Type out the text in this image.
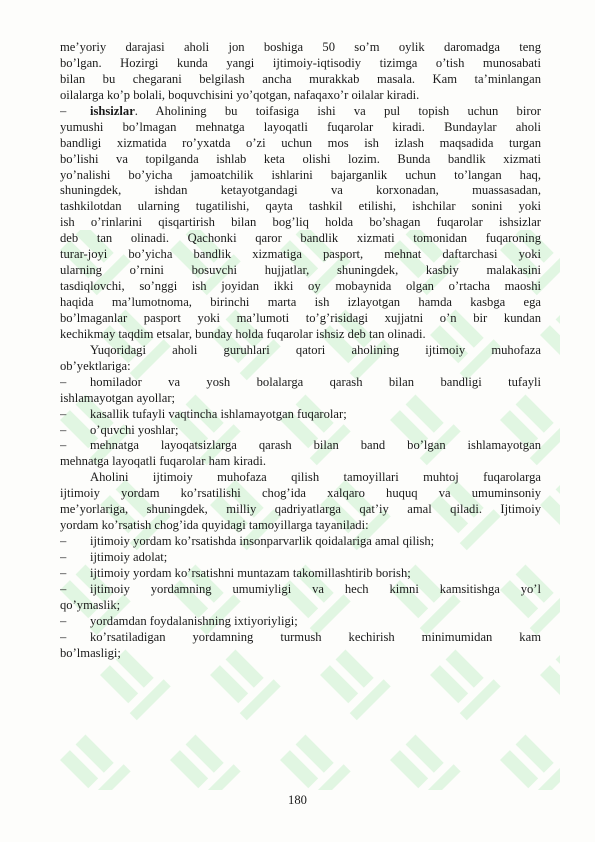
me’yoriy darajasi aholi jon boshiga 50 so’m oylik daromadga teng
bo’lgan. Hozirgi kunda yangi ijtimoiy-iqtisodiy tizimga o’tish munosabati
bilan bu chegarani belgilash ancha murakkab masala. Kam ta’minlangan
oilalarga ko’p bolali, boquvchisini yo’qotgan, nafaqaxo’r oilalar kiradi.
– ishsizlar. Aholining bu toifasiga ishi va pul topish uchun biror
yumushi bo’lmagan mehnatga layoqatli fuqarolar kiradi. Bundaylar aholi
bandligi xizmatida ro’yxatda o’zi uchun mos ish izlash maqsadida turgan
bo’lishi va topilganda ishlab keta olishi lozim. Bunda bandlik xizmati
yo’nalishi bo’yicha jamoatchilik ishlarini bajarganlik uchun to’langan haq,
shuningdek, ishdan ketayotgandagi va korxonadan, muassasadan,
tashkilotdan ularning tugatilishi, qayta tashkil etilishi, ishchilar sonini yoki
ish o’rinlarini qisqartirish bilan bog’liq holda bo’shagan fuqarolar ishsizlar
deb tan olinadi. Qachonki qaror bandlik xizmati tomonidan fuqaroning
turar-joyi bo’yicha bandlik xizmatiga pasport, mehnat daftarchasi yoki
ularning o’rnini bosuvchi hujjatlar, shuningdek, kasbiy malakasini
tasdiqlovchi, so’nggi ish joyidan ikki oy mobaynida olgan o’rtacha maoshi
haqida ma’lumotnoma, birinchi marta ish izlayotgan hamda kasbga ega
bo’lmaganlar pasport yoki ma’lumoti to’g’risidagi xujjatni o’n bir kundan
kechikmay taqdim etsalar, bunday holda fuqarolar ishsiz deb tan olinadi.
Yuqoridagi aholi guruhlari qatori aholining ijtimoiy muhofaza
ob’yektlariga:
– homilador va yosh bolalarga qarash bilan bandligi tufayli
ishlamayotgan ayollar;
– kasallik tufayli vaqtincha ishlamayotgan fuqarolar;
– o’quvchi yoshlar;
– mehnatga layoqatsizlarga qarash bilan band bo’lgan ishlamayotgan
mehnatga layoqatli fuqarolar ham kiradi.
Aholini ijtimoiy muhofaza qilish tamoyillari muhtoj fuqarolarga
ijtimoiy yordam ko’rsatilishi chog’ida xalqaro huquq va umuminsoniy
me’yorlariga, shuningdek, milliy qadriyatlarga qat’iy amal qiladi. Ijtimoiy
yordam ko’rsatish chog’ida quyidagi tamoyillarga tayaniladi:
– ijtimoiy yordam ko’rsatishda insonparvarlik qoidalariga amal qilish;
– ijtimoiy adolat;
– ijtimoiy yordam ko’rsatishni muntazam takomillashtirib borish;
– ijtimoiy yordamning umumiyligi va hech kimni kamsitishga yo’l
qo’ymaslik;
– yordamdan foydalanishning ixtiyoriyligi;
– ko’rsatiladigan yordamning turmush kechirish minimumidan kam
bo’lmasligi;
180
